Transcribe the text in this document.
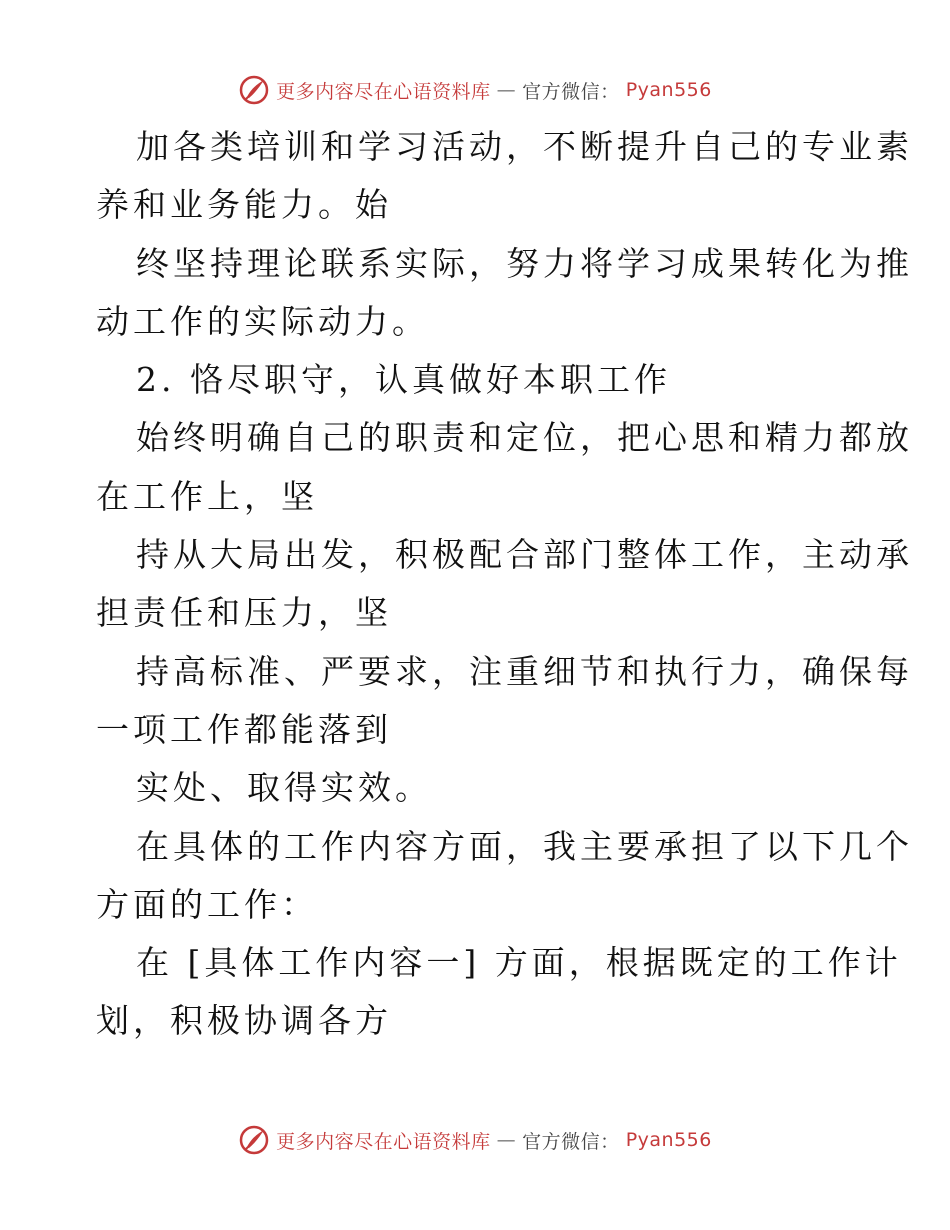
更多内容尽在心语资料库 — 官方微信： Pyan556
加各类培训和学习活动，不断提升自己的专业素
养和业务能力。始
终坚持理论联系实际，努力将学习成果转化为推
动工作的实际动力。
2. 恪尽职守，认真做好本职工作
始终明确自己的职责和定位，把心思和精力都放
在工作上，坚
持从大局出发，积极配合部门整体工作，主动承
担责任和压力，坚
持高标准、严要求，注重细节和执行力，确保每
一项工作都能落到
实处、取得实效。
在具体的工作内容方面，我主要承担了以下几个
方面的工作：
在 [具体工作内容一] 方面，根据既定的工作计
划，积极协调各方
更多内容尽在心语资料库 — 官方微信： Pyan556
